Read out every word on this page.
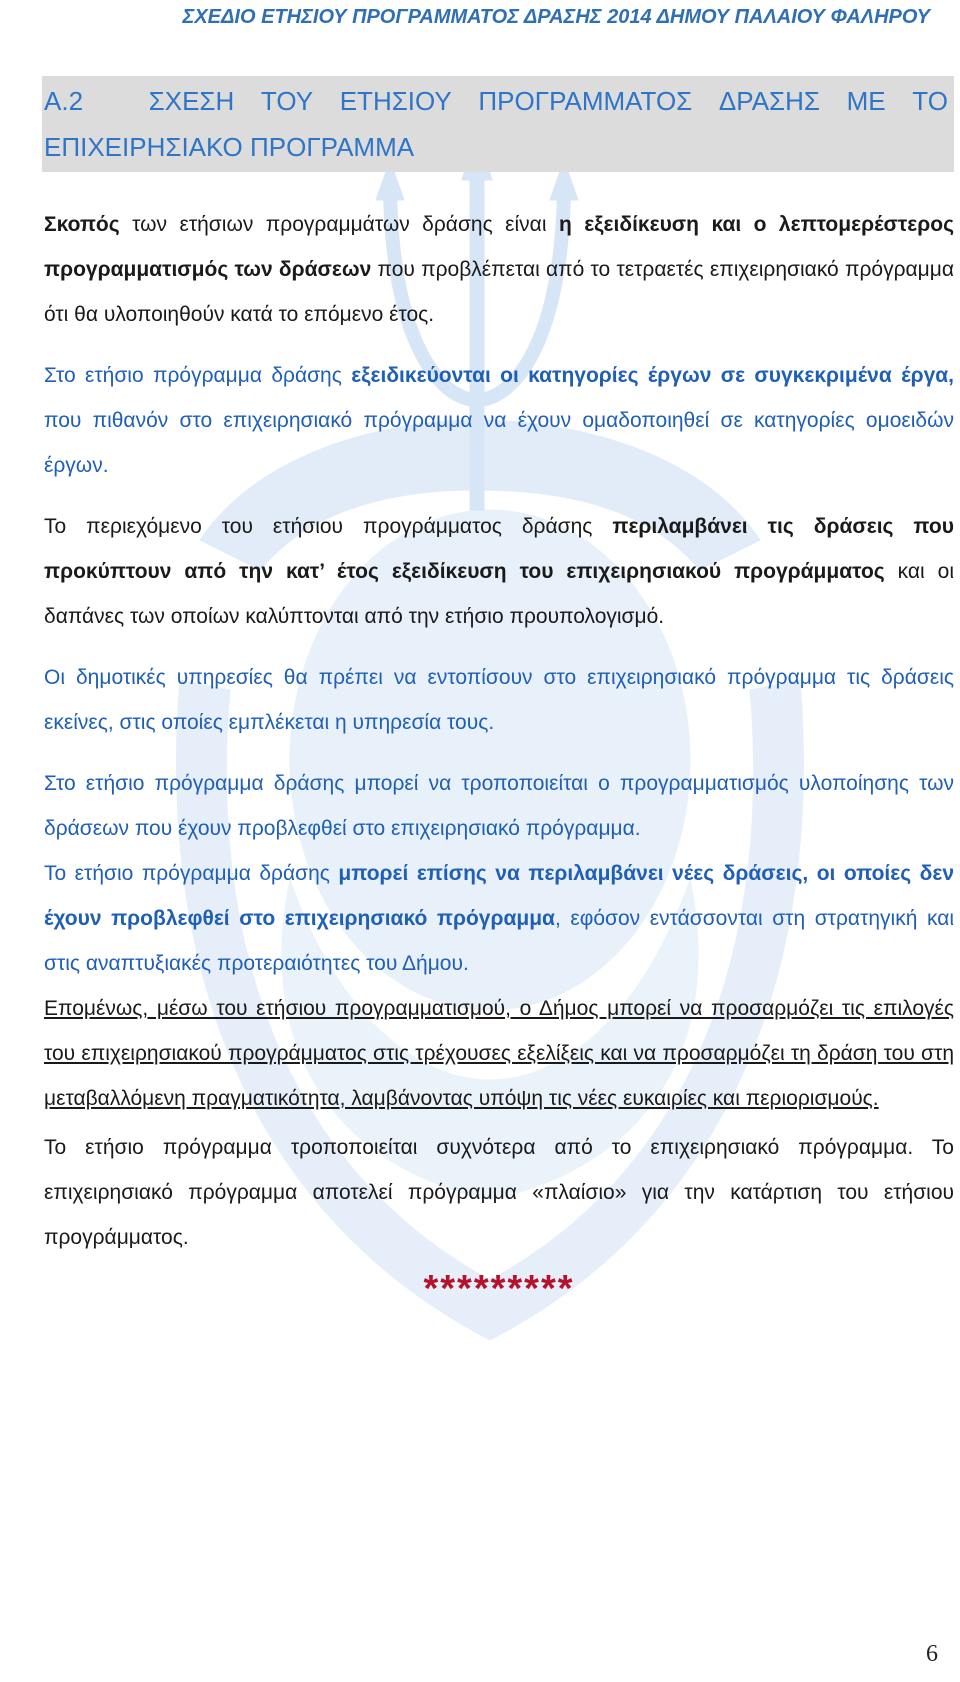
ΣΧΕΔΙΟ ΕΤΗΣΙΟΥ ΠΡΟΓΡΑΜΜΑΤΟΣ ΔΡΑΣΗΣ 2014 ΔΗΜΟΥ ΠΑΛΑΙΟΥ ΦΑΛΗΡΟΥ
Α.2	ΣΧΕΣΗ ΤΟΥ ΕΤΗΣΙΟΥ ΠΡΟΓΡΑΜΜΑΤΟΣ ΔΡΑΣΗΣ ΜΕ ΤΟ
ΕΠΙΧΕΙΡΗΣΙΑΚΟ ΠΡΟΓΡΑΜΜΑ

Σκοπός των ετήσιων προγραμμάτων δράσης είναι η εξειδίκευση και ο λεπτομερέστερος προγραμματισμός των δράσεων που προβλέπεται από το τετραετές επιχειρησιακό πρόγραμμα ότι θα υλοποιηθούν κατά το επόμενο έτος.

Στο ετήσιο πρόγραμμα δράσης εξειδικεύονται οι κατηγορίες έργων σε συγκεκριμένα έργα, που πιθανόν στο επιχειρησιακό πρόγραμμα να έχουν ομαδοποιηθεί σε κατηγορίες ομοειδών έργων.

Το περιεχόμενο του ετήσιου προγράμματος δράσης περιλαμβάνει τις δράσεις που προκύπτουν από την κατ’ έτος εξειδίκευση του επιχειρησιακού προγράμματος και οι δαπάνες των οποίων καλύπτονται από την ετήσιο προυπολογισμό.

Οι δημοτικές υπηρεσίες θα πρέπει να εντοπίσουν στο επιχειρησιακό πρόγραμμα τις δράσεις εκείνες, στις οποίες εμπλέκεται η υπηρεσία τους.

Στο ετήσιο πρόγραμμα δράσης μπορεί να τροποποιείται ο προγραμματισμός υλοποίησης των δράσεων που έχουν προβλεφθεί στο επιχειρησιακό πρόγραμμα.

Το ετήσιο πρόγραμμα δράσης μπορεί επίσης να περιλαμβάνει νέες δράσεις, οι οποίες δεν έχουν προβλεφθεί στο επιχειρησιακό πρόγραμμα, εφόσον εντάσσονται στη στρατηγική και στις αναπτυξιακές προτεραιότητες του Δήμου.

Επομένως, μέσω του ετήσιου προγραμματισμού, ο Δήμος μπορεί να προσαρμόζει τις επιλογές του επιχειρησιακού προγράμματος στις τρέχουσες εξελίξεις και να προσαρμόζει τη δράση του στη μεταβαλλόμενη πραγματικότητα, λαμβάνοντας υπόψη τις νέες ευκαιρίες και περιορισμούς.

Το ετήσιο πρόγραμμα τροποποιείται συχνότερα από το επιχειρησιακό πρόγραμμα. Το επιχειρησιακό πρόγραμμα αποτελεί πρόγραμμα «πλαίσιο» για την κατάρτιση του ετήσιου προγράμματος.

*********
6
